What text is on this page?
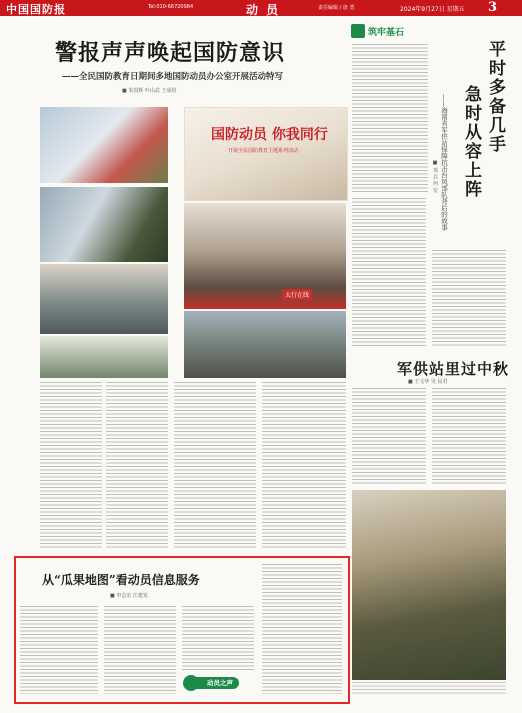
中国国防报	Tel:010-66720984	动 员	责任编辑 / 唐 勇	2024年9月27日 星期五 3
警报声声唤起国防意识
——全民国防教育日期间多地国防动员办公室开展活动特写
■ 朱国辉 叶山武 王成绍
国防动员 你我同行
· 开展全民国防教育主题系列活动 ·
太行在线
从“瓜果地图”看动员信息服务
■ 申志宏 江建发
动员之声
筑牢基石
平时多备几手
急时从容上阵
——海南省军供站保障抗击台风部队背后的故事
■ 邓 兵 何 宏
军供站里过中秋
■ 王文华 吴 民君
